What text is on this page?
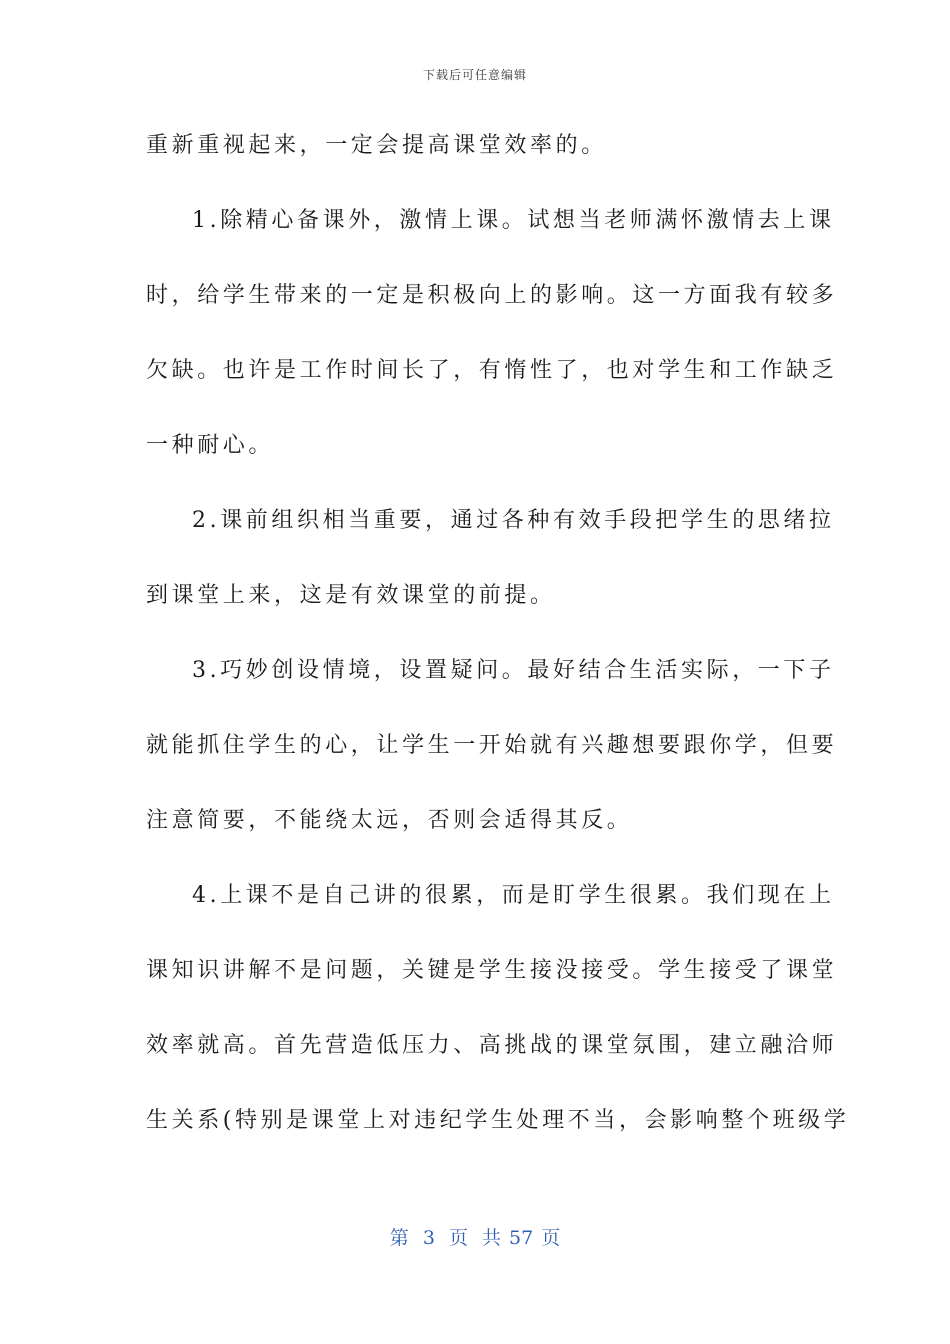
下载后可任意编辑
重新重视起来，一定会提高课堂效率的。
1.除精心备课外，激情上课。试想当老师满怀激情去上课
时，给学生带来的一定是积极向上的影响。这一方面我有较多
欠缺。也许是工作时间长了，有惰性了，也对学生和工作缺乏
一种耐心。
2.课前组织相当重要，通过各种有效手段把学生的思绪拉
到课堂上来，这是有效课堂的前提。
3.巧妙创设情境，设置疑问。最好结合生活实际，一下子
就能抓住学生的心，让学生一开始就有兴趣想要跟你学，但要
注意简要，不能绕太远，否则会适得其反。
4.上课不是自己讲的很累，而是盯学生很累。我们现在上
课知识讲解不是问题，关键是学生接没接受。学生接受了课堂
效率就高。首先营造低压力、高挑战的课堂氛围，建立融洽师
生关系(特别是课堂上对违纪学生处理不当，会影响整个班级学
第 3 页 共 57 页
